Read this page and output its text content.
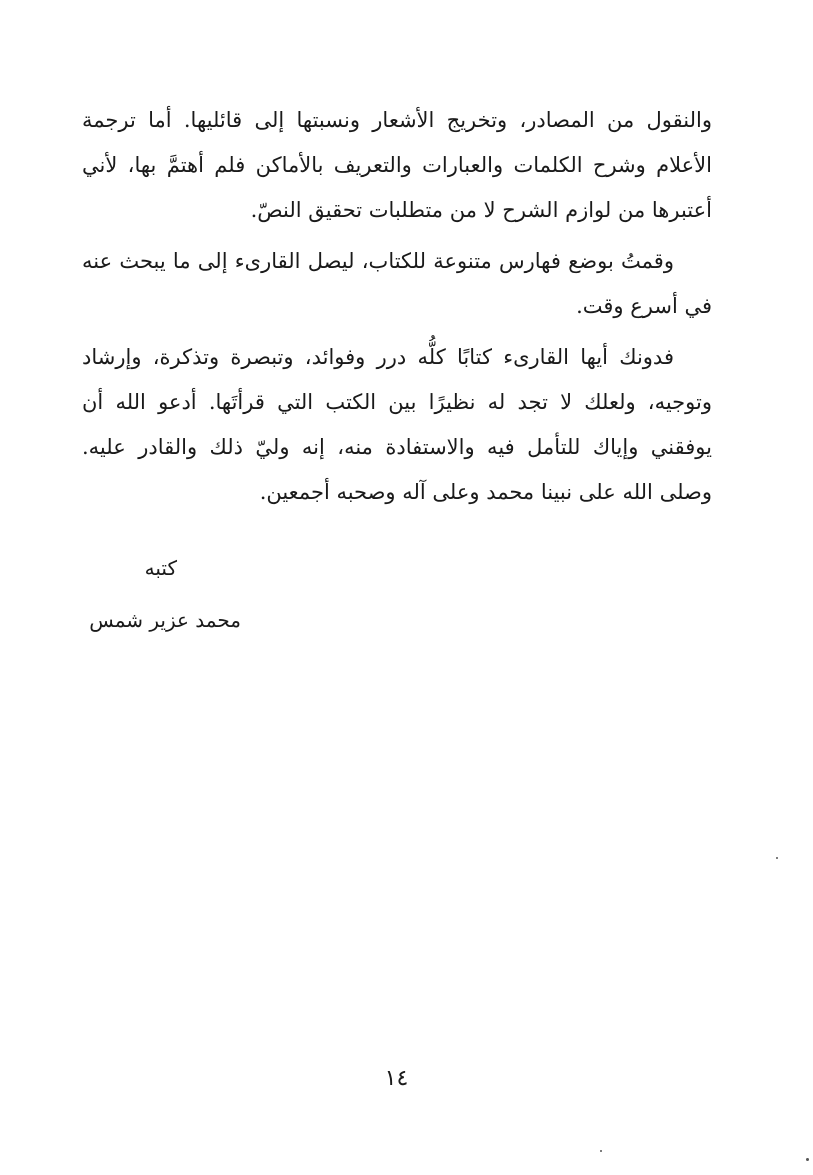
والنقول من المصادر، وتخريج الأشعار ونسبتها إلى قائليها. أما ترجمة الأعلام وشرح الكلمات والعبارات والتعريف بالأماكن فلم أهتمَّ بها، لأني أعتبرها من لوازم الشرح لا من متطلبات تحقيق النصّ.

وقمتُ بوضع فهارس متنوعة للكتاب، ليصل القارىء إلى ما يبحث عنه في أسرع وقت.

فدونك أيها القارىء كتابًا كلُّه درر وفوائد، وتبصرة وتذكرة، وإرشاد وتوجيه، ولعلك لا تجد له نظيرًا بين الكتب التي قرأتَها. أدعو الله أن يوفقني وإياك للتأمل فيه والاستفادة منه، إنه وليّ ذلك والقادر عليه. وصلى الله على نبينا محمد وعلى آله وصحبه أجمعين.

كتبه
محمد عزير شمس
١٤
